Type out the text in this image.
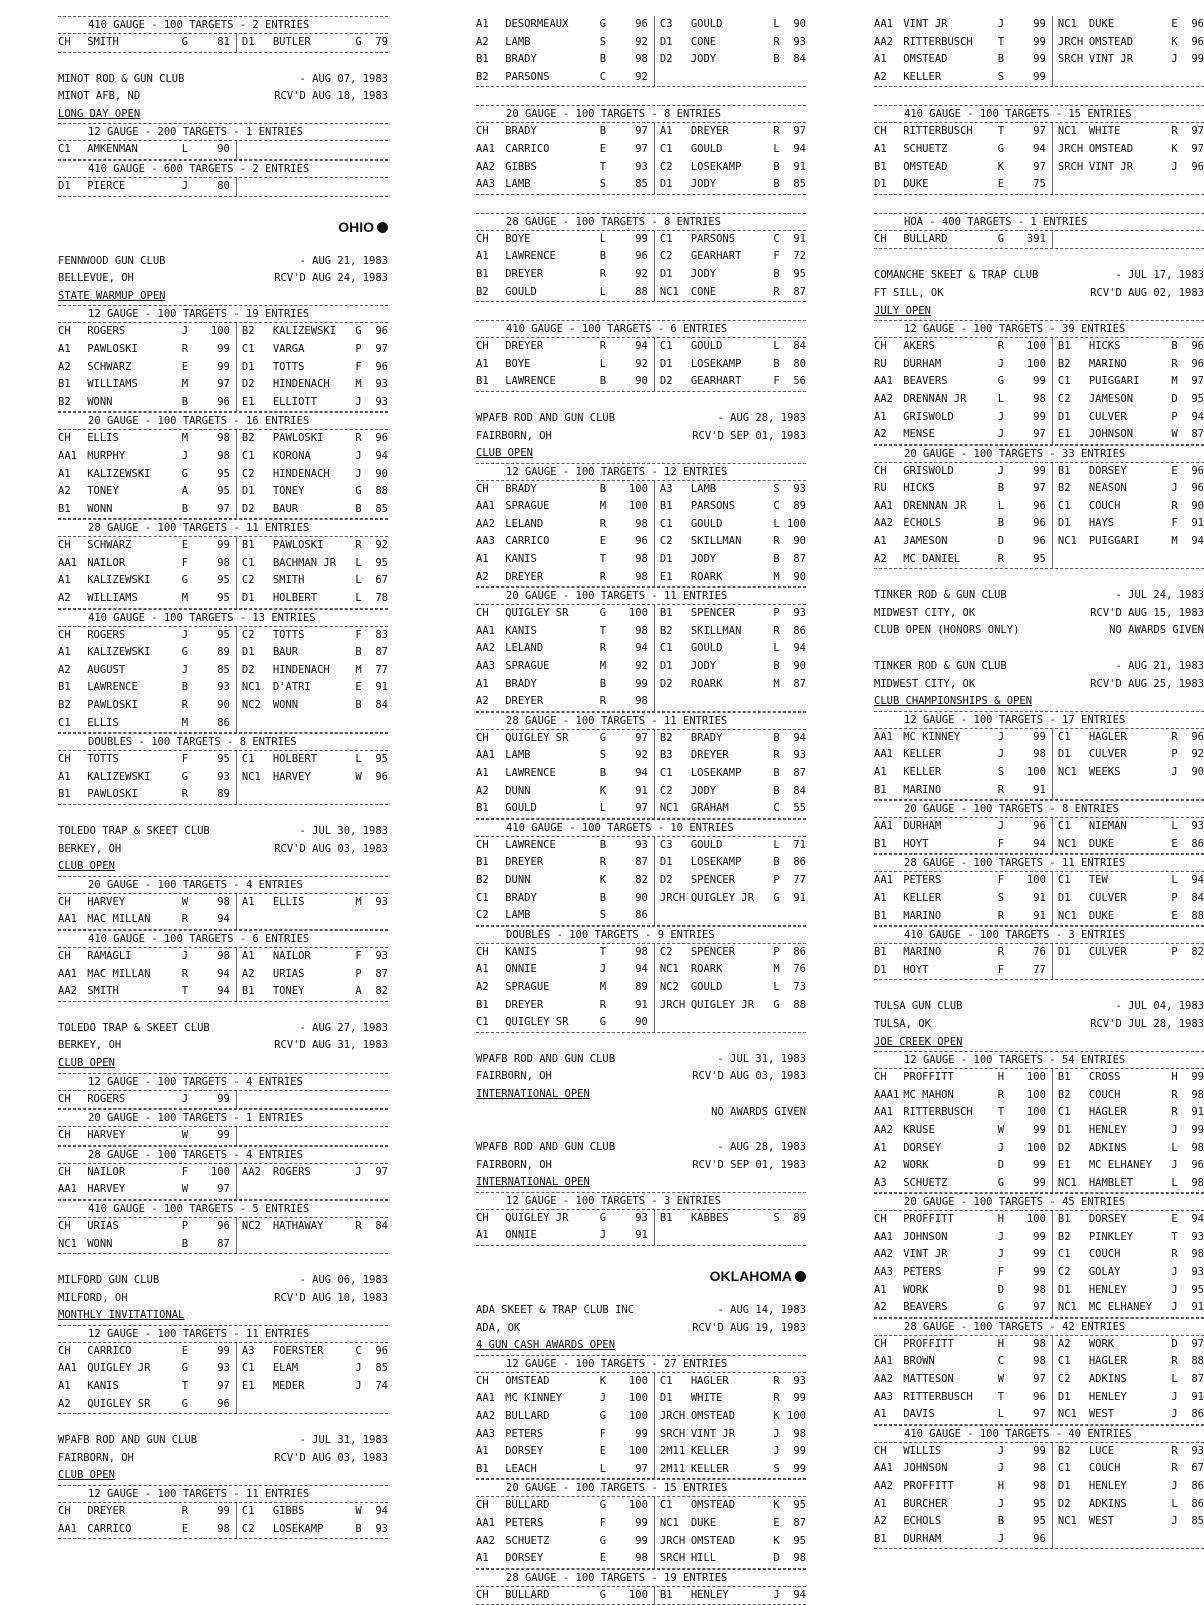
410 GAUGE - 100 TARGETS - 2 ENTRIES
CH	SMITH	G	81	D1	BUTLER	G	79
MINOT ROD & GUN CLUB	- AUG 07, 1983
MINOT AFB, ND	RCV'D AUG 18, 1983
LONG DAY OPEN
12 GAUGE - 200 TARGETS - 1 ENTRIES
C1	AMKENMAN	L	90
410 GAUGE - 600 TARGETS - 2 ENTRIES
D1	PIERCE	J	80
OHIO
FENNWOOD GUN CLUB	- AUG 21, 1983
BELLEVUE, OH	RCV'D AUG 24, 1983
STATE WARMUP OPEN
12 GAUGE - 100 TARGETS - 19 ENTRIES
CH	ROGERS	J	100	B2	KALIZEWSKI	G	96
A1	PAWLOSKI	R	99	C1	VARGA	P	97
A2	SCHWARZ	E	99	D1	TOTTS	F	96
B1	WILLIAMS	M	97	D2	HINDENACH	M	93
B2	WONN	B	96	E1	ELLIOTT	J	93
20 GAUGE - 100 TARGETS - 16 ENTRIES
CH	ELLIS	M	98	B2	PAWLOSKI	R	96
AA1 MURPHY	J	98	C1	KORONA	J	94
A1	KALIZEWSKI	G	95	C2	HINDENACH	J	90
A2	TONEY	A	95	D1	TONEY	G	88
B1	WONN	B	97	D2	BAUR	B	85
28 GAUGE - 100 TARGETS - 11 ENTRIES
CH	SCHWARZ	E	99	B1	PAWLOSKI	R	92
AA1 NAILOR	F	98	C1	BACHMAN JR	L	95
A1	KALIZEWSKI	G	95	C2	SMITH	L	67
A2	WILLIAMS	M	95	D1	HOLBERT	L	78
410 GAUGE - 100 TARGETS - 13 ENTRIES
CH	ROGERS	J	95	C2	TOTTS	F	83
A1	KALIZEWSKI	G	89	D1	BAUR	B	87
A2	AUGUST	J	85	D2	HINDENACH	M	77
B1	LAWRENCE	B	93	NC1	D'ATRI	E	91
B2	PAWLOSKI	R	90	NC2	WONN	B	84
C1	ELLIS	M	86
DOUBLES - 100 TARGETS - 8 ENTRIES
CH	TOTTS	F	95	C1	HOLBERT	L	95
A1	KALIZEWSKI	G	93	NC1	HARVEY	W	96
B1	PAWLOSKI	R	89
TOLEDO TRAP & SKEET CLUB	- JUL 30, 1983
BERKEY, OH	RCV'D AUG 03, 1983
CLUB OPEN
20 GAUGE - 100 TARGETS - 4 ENTRIES
CH	HARVEY	W	98	A1	ELLIS	M	93
AA1 MAC MILLAN	R	94
410 GAUGE - 100 TARGETS - 6 ENTRIES
CH	RAMAGLI	J	98	A1	NAILOR	F	93
AA1 MAC MILLAN	R	94	A2	URIAS	P	87
AA2 SMITH	T	94	B1	TONEY	A	82
TOLEDO TRAP & SKEET CLUB	- AUG 27, 1983
BERKEY, OH	RCV'D AUG 31, 1983
CLUB OPEN
12 GAUGE - 100 TARGETS - 4 ENTRIES
CH	ROGERS	J	99
20 GAUGE - 100 TARGETS - 1 ENTRIES
CH	HARVEY	W	99
28 GAUGE - 100 TARGETS - 4 ENTRIES
CH	NAILOR	F	100	AA2	ROGERS	J	97
AA1 HARVEY	W	97
410 GAUGE - 100 TARGETS - 5 ENTRIES
CH	URIAS	P	96	NC2	HATHAWAY	R	84
NC1 WONN	B	87
MILFORD GUN CLUB	- AUG 06, 1983
MILFORD, OH	RCV'D AUG 10, 1983
MONTHLY INVITATIONAL
12 GAUGE - 100 TARGETS - 11 ENTRIES
CH	CARRICO	E	99	A3	FOERSTER	C	96
AA1 QUIGLEY JR	G	93	C1	ELAM	J	85
A1	KANIS	T	97	E1	MEDER	J	74
A2	QUIGLEY SR	G	96
WPAFB ROD AND GUN CLUB	- JUL 31, 1983
FAIRBORN, OH	RCV'D AUG 03, 1983
CLUB OPEN
12 GAUGE - 100 TARGETS - 11 ENTRIES
CH	DREYER	R	99	C1	GIBBS	W	94
AA1 CARRICO	E	98	C2	LOSEKAMP	B	93
A1	DESORMEAUX	G	96	C3	GOULD	L	90
A2	LAMB	S	92	D1	CONE	R	93
B1	BRADY	B	98	D2	JODY	B	84
B2	PARSONS	C	92
20 GAUGE - 100 TARGETS - 8 ENTRIES
CH	BRADY	B	97	A1	DREYER	R	97
AA1 CARRICO	E	97	C1	GOULD	L	94
AA2 GIBBS	T	93	C2	LOSEKAMP	B	91
AA3 LAMB	S	85	D1	JODY	B	85
28 GAUGE - 100 TARGETS - 8 ENTRIES
CH	BOYE	L	99	C1	PARSONS	C	91
A1	LAWRENCE	B	96	C2	GEARHART	F	72
B1	DREYER	R	92	D1	JODY	B	95
B2	GOULD	L	88	NC1	CONE	R	87
410 GAUGE - 100 TARGETS - 6 ENTRIES
CH	DREYER	R	94	C1	GOULD	L	84
A1	BOYE	L	92	D1	LOSEKAMP	B	80
B1	LAWRENCE	B	90	D2	GEARHART	F	56
WPAFB ROD AND GUN CLUB	- AUG 28, 1983
FAIRBORN, OH	RCV'D SEP 01, 1983
CLUB OPEN
12 GAUGE - 100 TARGETS - 12 ENTRIES
CH	BRADY	B	100	A3	LAMB	S	93
AA1 SPRAGUE	M	100	B1	PARSONS	C	89
AA2 LELAND	R	98	C1	GOULD	L 100
AA3 CARRICO	E	96	C2	SKILLMAN	R	90
A1	KANIS	T	98	D1	JODY	B	87
A2	DREYER	R	98	E1	ROARK	M	90
20 GAUGE - 100 TARGETS - 11 ENTRIES
CH	QUIGLEY SR	G	100	B1	SPENCER	P	93
AA1 KANIS	T	98	B2	SKILLMAN	R	86
AA2 LELAND	R	94	C1	GOULD	L	94
AA3 SPRAGUE	M	92	D1	JODY	B	90
A1	BRADY	B	99	D2	ROARK	M	87
A2	DREYER	R	98
28 GAUGE - 100 TARGETS - 11 ENTRIES
CH	QUIGLEY SR	G	97	B2	BRADY	B	94
AA1 LAMB	S	92	B3	DREYER	R	93
A1	LAWRENCE	B	94	C1	LOSEKAMP	B	87
A2	DUNN	K	91	C2	JODY	B	84
B1	GOULD	L	97	NC1	GRAHAM	C	55
410 GAUGE - 100 TARGETS - 10 ENTRIES
CH	LAWRENCE	B	93	C3	GOULD	L	71
B1	DREYER	R	87	D1	LOSEKAMP	B	86
B2	DUNN	K	82	D2	SPENCER	P	77
C1	BRADY	B	90	JRCH QUIGLEY JR	G	91
C2	LAMB	S	86
DOUBLES - 100 TARGETS - 9 ENTRIES
CH	KANIS	T	98	C2	SPENCER	P	86
A1	ONNIE	J	94	NC1	ROARK	M	76
A2	SPRAGUE	M	89	NC2	GOULD	L	73
B1	DREYER	R	91	JRCH QUIGLEY JR	G	88
C1	QUIGLEY SR	G	90
WPAFB ROD AND GUN CLUB	- JUL 31, 1983
FAIRBORN, OH	RCV'D AUG 03, 1983
INTERNATIONAL OPEN
NO AWARDS GIVEN
WPAFB ROD AND GUN CLUB	- AUG 28, 1983
FAIRBORN, OH	RCV'D SEP 01, 1983
INTERNATIONAL OPEN
12 GAUGE - 100 TARGETS - 3 ENTRIES
CH	QUIGLEY JR	G	93	B1	KABBES	S	89
A1	ONNIE	J	91
OKLAHOMA
ADA SKEET & TRAP CLUB INC	- AUG 14, 1983
ADA, OK	RCV'D AUG 19, 1983
4 GUN CASH AWARDS OPEN
12 GAUGE - 100 TARGETS - 27 ENTRIES
CH	OMSTEAD	K	100	C1	HAGLER	R	93
AA1 MC KINNEY	J	100	D1	WHITE	R	99
AA2 BULLARD	G	100	JRCH OMSTEAD	K 100
AA3 PETERS	F	99	SRCH VINT JR	J	98
A1	DORSEY	E	100	2M11 KELLER	J	99
B1	LEACH	L	97	2M11 KELLER	S	99
20 GAUGE - 100 TARGETS - 15 ENTRIES
CH	BULLARD	G	100	C1	OMSTEAD	K	95
AA1 PETERS	F	99	NC1	DUKE	E	87
AA2 SCHUETZ	G	99	JRCH OMSTEAD	K	95
A1	DORSEY	E	98	SRCH HILL	D	98
28 GAUGE - 100 TARGETS - 19 ENTRIES
CH	BULLARD	G	100	B1	HENLEY	J	94
AA1 VINT JR	J	99	NC1	DUKE	E	96
AA2 RITTERBUSCH	T	99	JRCH OMSTEAD	K	96
A1	OMSTEAD	B	99	SRCH VINT JR	J	99
A2	KELLER	S	99
410 GAUGE - 100 TARGETS - 15 ENTRIES
CH	RITTERBUSCH	T	97	NC1	WHITE	R	97
A1	SCHUETZ	G	94	JRCH OMSTEAD	K	97
B1	OMSTEAD	K	97	SRCH VINT JR	J	96
D1	DUKE	E	75
HOA - 400 TARGETS - 1 ENTRIES
CH	BULLARD	G	391
COMANCHE SKEET & TRAP CLUB	- JUL 17, 1983
FT SILL, OK	RCV'D AUG 02, 1983
JULY OPEN
12 GAUGE - 100 TARGETS - 39 ENTRIES
CH	AKERS	R	100	B1	HICKS	B	96
RU	DURHAM	J	100	B2	MARINO	R	96
AA1 BEAVERS	G	99	C1	PUIGGARI	M	97
AA2 DRENNAN JR	L	98	C2	JAMESON	D	95
A1	GRISWOLD	J	99	D1	CULVER	P	94
A2	MENSE	J	97	E1	JOHNSON	W	87
20 GAUGE - 100 TARGETS - 33 ENTRIES
CH	GRISWOLD	J	99	B1	DORSEY	E	96
RU	HICKS	B	97	B2	NEASON	J	96
AA1 DRENNAN JR	L	96	C1	COUCH	R	90
AA2 ECHOLS	B	96	D1	HAYS	F	91
A1	JAMESON	D	96	NC1	PUIGGARI	M	94
A2	MC DANIEL	R	95
TINKER ROD & GUN CLUB	- JUL 24, 1983
MIDWEST CITY, OK	RCV'D AUG 15, 1983
CLUB OPEN (HONORS ONLY)	NO AWARDS GIVEN
TINKER ROD & GUN CLUB	- AUG 21, 1983
MIDWEST CITY, OK	RCV'D AUG 25, 1983
CLUB CHAMPIONSHIPS & OPEN
12 GAUGE - 100 TARGETS - 17 ENTRIES
AA1 MC KINNEY	J	99	C1	HAGLER	R	96
AA1 KELLER	J	98	D1	CULVER	P	92
A1	KELLER	S	100	NC1	WEEKS	J	90
B1	MARINO	R	91
20 GAUGE - 100 TARGETS - 8 ENTRIES
AA1 DURHAM	J	96	C1	NIEMAN	L	93
B1	HOYT	F	94	NC1	DUKE	E	86
28 GAUGE - 100 TARGETS - 11 ENTRIES
AA1 PETERS	F	100	C1	TEW	L	94
A1	KELLER	S	91	D1	CULVER	P	84
B1	MARINO	R	91	NC1	DUKE	E	88
410 GAUGE - 100 TARGETS - 3 ENTRIES
B1	MARINO	R	76	D1	CULVER	P	82
D1	HOYT	F	77
TULSA GUN CLUB	- JUL 04, 1983
TULSA, OK	RCV'D JUL 28, 1983
JOE CREEK OPEN
12 GAUGE - 100 TARGETS - 54 ENTRIES
CH	PROFFITT	H	100	B1	CROSS	H	99
AAA1 MC MAHON	R	100	B2	COUCH	R	98
AA1 RITTERBUSCH	T	100	C1	HAGLER	R	91
AA2 KRUSE	W	99	D1	HENLEY	J	99
A1	DORSEY	J	100	D2	ADKINS	L	98
A2	WORK	D	99	E1	MC ELHANEY	J	96
A3	SCHUETZ	G	99	NC1	HAMBLET	L	98
20 GAUGE - 100 TARGETS - 45 ENTRIES
CH	PROFFITT	H	100	B1	DORSEY	E	94
AA1 JOHNSON	J	99	B2	PINKLEY	T	93
AA2 VINT JR	J	99	C1	COUCH	R	98
AA3 PETERS	F	99	C2	GOLAY	J	93
A1	WORK	D	98	D1	HENLEY	J	95
A2	BEAVERS	G	97	NC1	MC ELHANEY	J	91
28 GAUGE - 100 TARGETS - 42 ENTRIES
CH	PROFFITT	H	98	A2	WORK	D	97
AA1 BROWN	C	98	C1	HAGLER	R	88
AA2 MATTESON	W	97	C2	ADKINS	L	87
AA3 RITTERBUSCH	T	96	D1	HENLEY	J	91
A1	DAVIS	L	97	NC1	WEST	J	86
410 GAUGE - 100 TARGETS - 40 ENTRIES
CH	WILLIS	J	99	B2	LUCE	R	93
AA1 JOHNSON	J	98	C1	COUCH	R	67
AA2 PROFFITT	H	98	D1	HENLEY	J	86
A1	BURCHER	J	95	D2	ADKINS	L	86
A2	ECHOLS	B	95	NC1	WEST	J	85
B1	DURHAM	J	96
